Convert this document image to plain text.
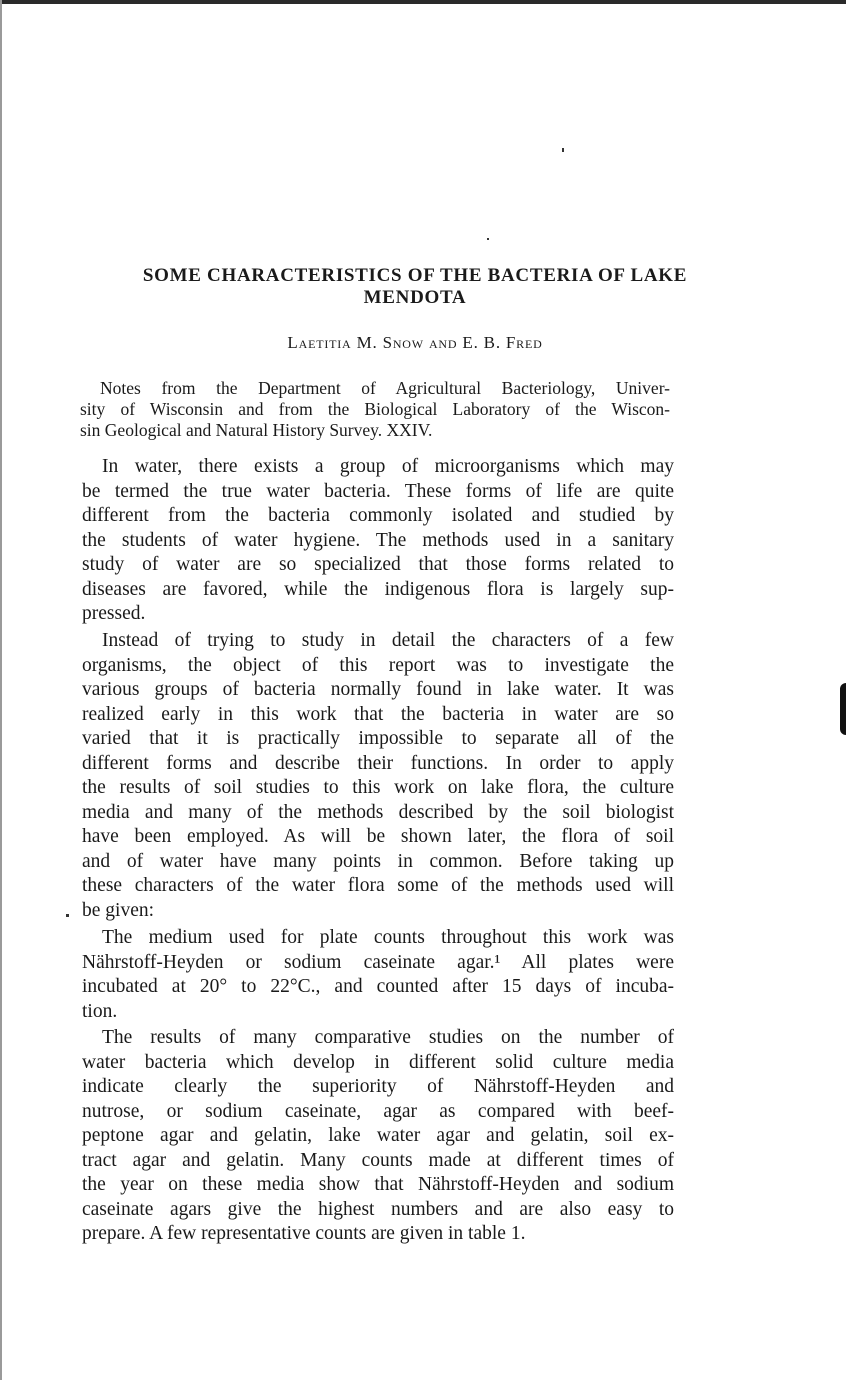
SOME CHARACTERISTICS OF THE BACTERIA OF LAKE
MENDOTA

Laetitia M. Snow and E. B. Fred

Notes from the Department of Agricultural Bacteriology, Univer-
sity of Wisconsin and from the Biological Laboratory of the Wiscon-
sin Geological and Natural History Survey. XXIV.
In water, there exists a group of microorganisms which may
be termed the true water bacteria. These forms of life are quite
different from the bacteria commonly isolated and studied by
the students of water hygiene. The methods used in a sanitary
study of water are so specialized that those forms related to
diseases are favored, while the indigenous flora is largely sup-
pressed.
Instead of trying to study in detail the characters of a few
organisms, the object of this report was to investigate the
various groups of bacteria normally found in lake water. It was
realized early in this work that the bacteria in water are so
varied that it is practically impossible to separate all of the
different forms and describe their functions. In order to apply
the results of soil studies to this work on lake flora, the culture
media and many of the methods described by the soil biologist
have been employed. As will be shown later, the flora of soil
and of water have many points in common. Before taking up
these characters of the water flora some of the methods used will
be given:
The medium used for plate counts throughout this work was
Nährstoff-Heyden or sodium caseinate agar.¹ All plates were
incubated at 20° to 22°C., and counted after 15 days of incuba-
tion.
The results of many comparative studies on the number of
water bacteria which develop in different solid culture media
indicate clearly the superiority of Nährstoff-Heyden and
nutrose, or sodium caseinate, agar as compared with beef-
peptone agar and gelatin, lake water agar and gelatin, soil ex-
tract agar and gelatin. Many counts made at different times of
the year on these media show that Nährstoff-Heyden and sodium
caseinate agars give the highest numbers and are also easy to
prepare. A few representative counts are given in table 1.
